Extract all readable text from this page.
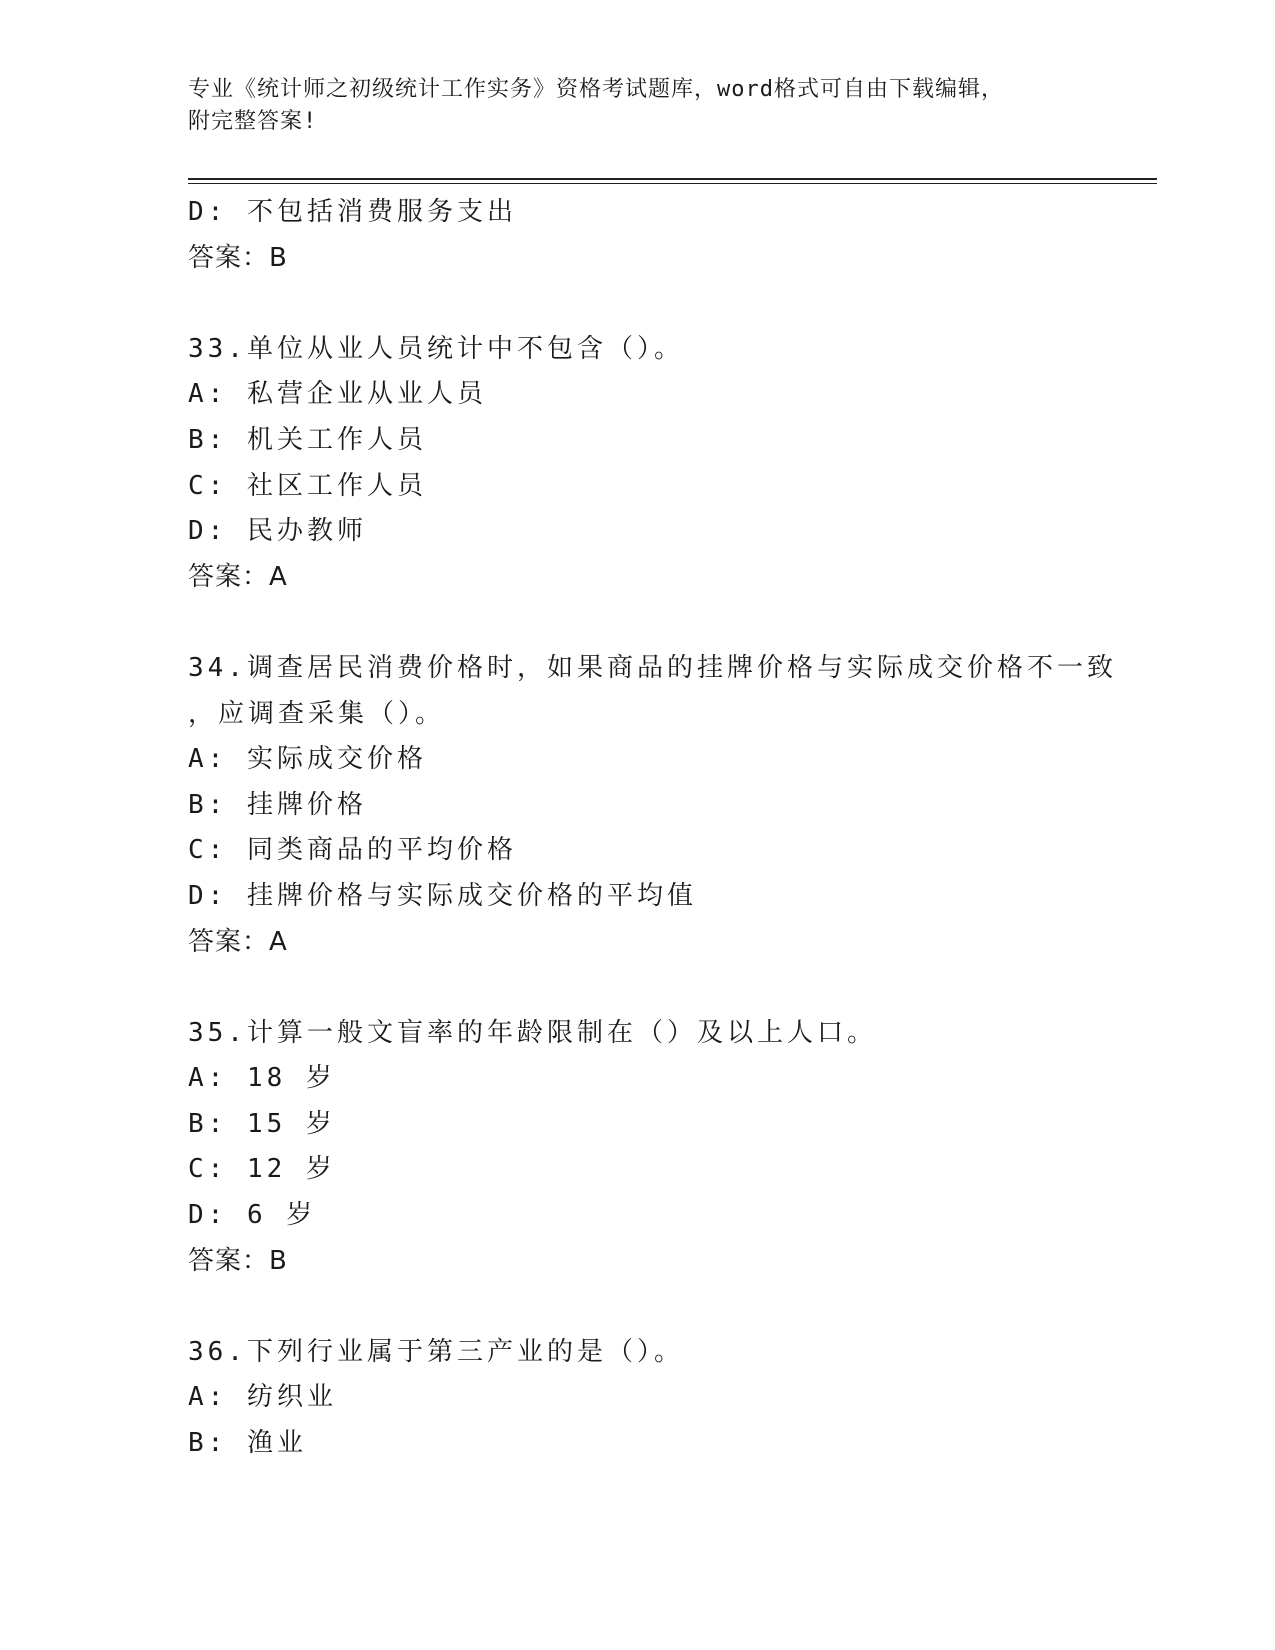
专业《统计师之初级统计工作实务》资格考试题库，word格式可自由下载编辑，
附完整答案!
D: 不包括消费服务支出
答案：B
33.单位从业人员统计中不包含（）。
A: 私营企业从业人员
B: 机关工作人员
C: 社区工作人员
D: 民办教师
答案：A
34.调查居民消费价格时，如果商品的挂牌价格与实际成交价格不一致
，应调查采集（）。
A: 实际成交价格
B: 挂牌价格
C: 同类商品的平均价格
D: 挂牌价格与实际成交价格的平均值
答案：A
35.计算一般文盲率的年龄限制在（）及以上人口。
A: 18 岁
B: 15 岁
C: 12 岁
D: 6 岁
答案：B
36.下列行业属于第三产业的是（）。
A: 纺织业
B: 渔业
